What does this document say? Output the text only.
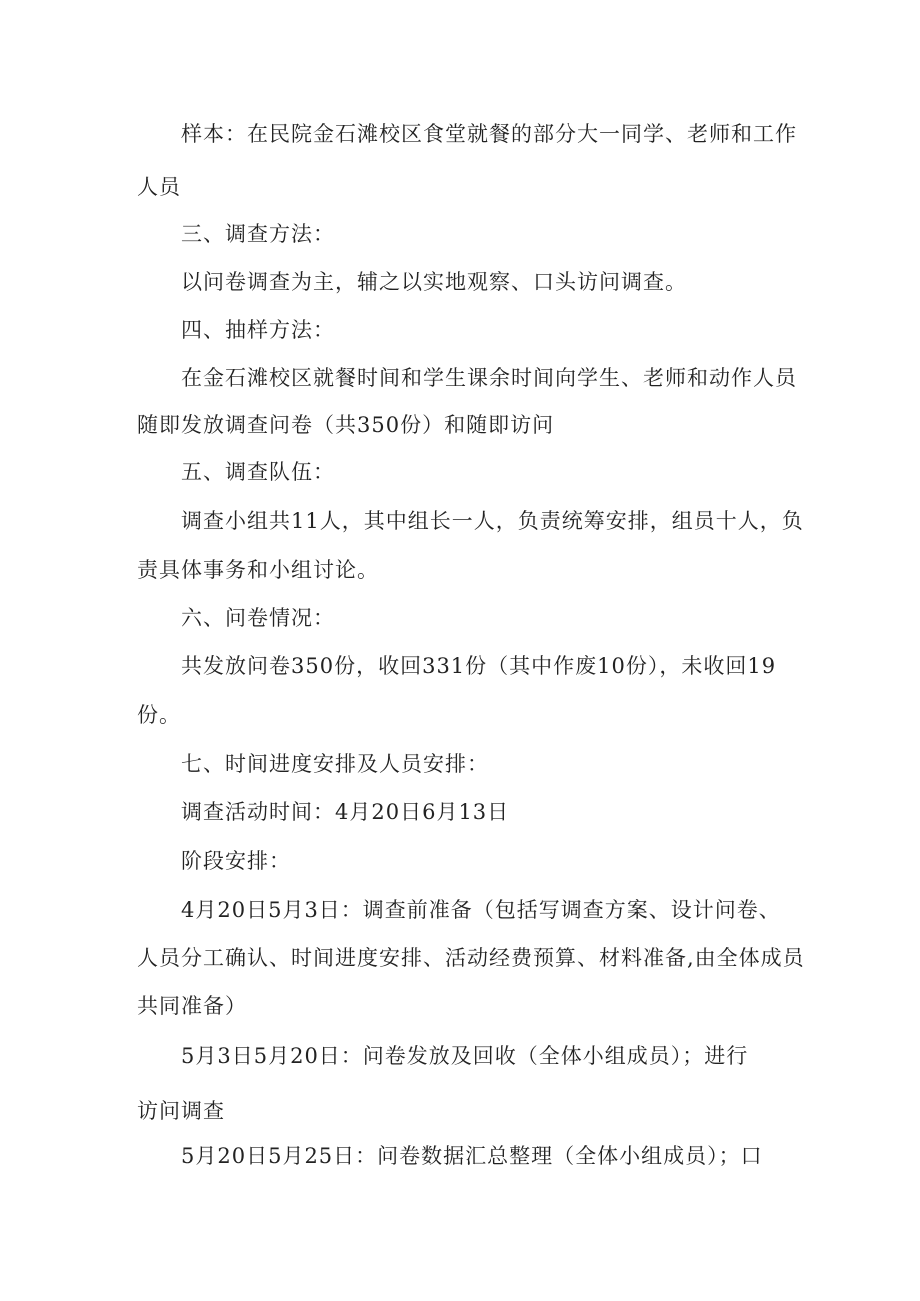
样本：在民院金石滩校区食堂就餐的部分大一同学、老师和工作
人员
三、调查方法：
以问卷调查为主，辅之以实地观察、口头访问调查。
四、抽样方法：
在金石滩校区就餐时间和学生课余时间向学生、老师和动作人员
随即发放调查问卷（共350份）和随即访问
五、调查队伍：
调查小组共11人，其中组长一人，负责统筹安排，组员十人，负
责具体事务和小组讨论。
六、问卷情况：
共发放问卷350份，收回331份（其中作废10份），未收回19
份。
七、时间进度安排及人员安排：
调查活动时间：4月20日6月13日
阶段安排：
4月20日5月3日：调查前准备（包括写调查方案、设计问卷、
人员分工确认、时间进度安排、活动经费预算、材料准备,由全体成员
共同准备）
5月3日5月20日：问卷发放及回收（全体小组成员）；进行
访问调查
5月20日5月25日：问卷数据汇总整理（全体小组成员）；口
